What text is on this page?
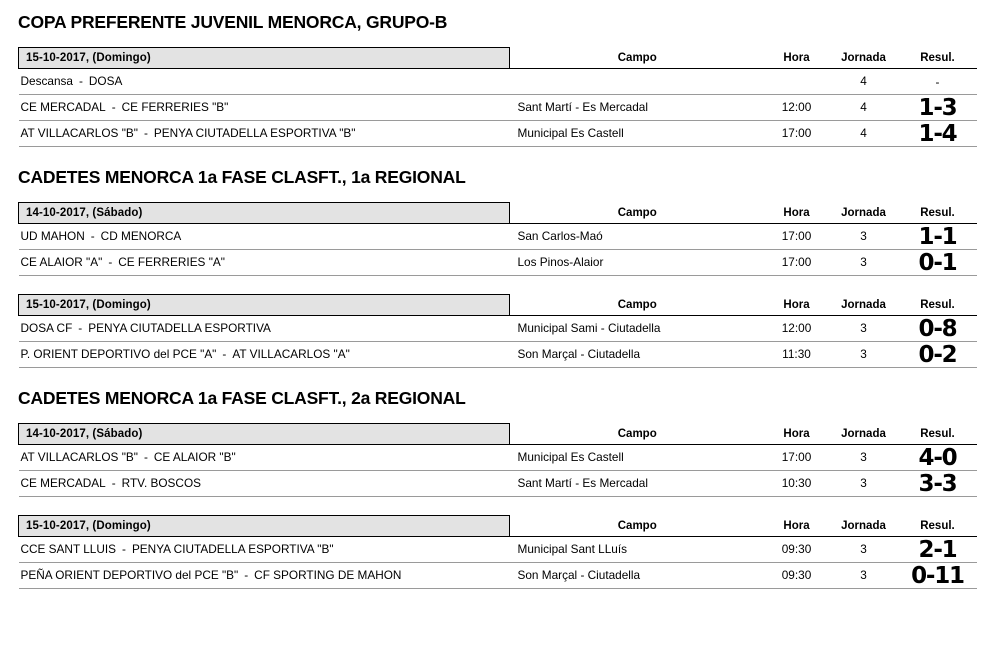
COPA PREFERENTE JUVENIL MENORCA, GRUPO-B
15-10-2017, (Domingo)	Campo	Hora	Jornada	Resul.
Descansa - DOSA			4	-
CE MERCADAL - CE FERRERIES "B"	Sant Martí - Es Mercadal	12:00	4	1-3
AT VILLACARLOS "B" - PENYA CIUTADELLA ESPORTIVA "B"	Municipal Es Castell	17:00	4	1-4
CADETES MENORCA 1a FASE CLASFT., 1a REGIONAL
14-10-2017, (Sábado)	Campo	Hora	Jornada	Resul.
UD MAHON - CD MENORCA	San Carlos-Maó	17:00	3	1-1
CE ALAIOR "A" - CE FERRERIES "A"	Los Pinos-Alaior	17:00	3	0-1
15-10-2017, (Domingo)	Campo	Hora	Jornada	Resul.
DOSA CF - PENYA CIUTADELLA ESPORTIVA	Municipal Sami - Ciutadella	12:00	3	0-8
P. ORIENT DEPORTIVO del PCE "A" - AT VILLACARLOS "A"	Son Marçal - Ciutadella	11:30	3	0-2
CADETES MENORCA 1a FASE CLASFT., 2a REGIONAL
14-10-2017, (Sábado)	Campo	Hora	Jornada	Resul.
AT VILLACARLOS "B" - CE ALAIOR "B"	Municipal Es Castell	17:00	3	4-0
CE MERCADAL - RTV. BOSCOS	Sant Martí - Es Mercadal	10:30	3	3-3
15-10-2017, (Domingo)	Campo	Hora	Jornada	Resul.
CCE SANT LLUIS - PENYA CIUTADELLA ESPORTIVA "B"	Municipal Sant LLuís	09:30	3	2-1
PEÑA ORIENT DEPORTIVO del PCE "B" - CF SPORTING DE MAHON	Son Marçal - Ciutadella	09:30	3	0-11
